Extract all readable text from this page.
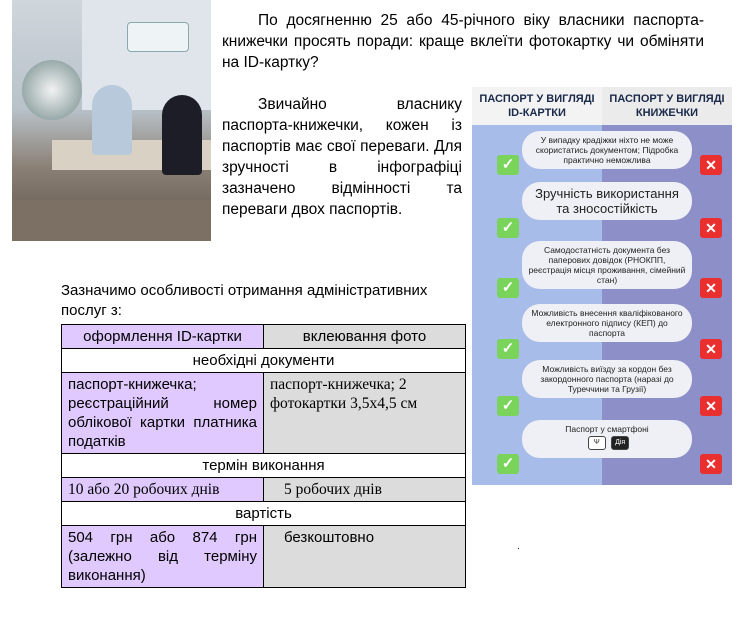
По досягненню 25 або 45-річного віку власники паспорта-книжечки просять поради: краще вклеїти фотокартку чи обміняти на ID-картку?
Звичайно власнику паспорта-книжечки, кожен із паспортів має свої переваги. Для зручності в інфографіці зазначено відмінності та переваги двох паспортів.
Зазначимо особливості отримання адміністративних послуг з:
оформлення ID-картки	вклеювання фото
необхідні документи	
паспорт-книжечка; реєстраційний номер облікової картки платника податків	паспорт-книжечка; 2 фотокартки 3,5х4,5 см
термін виконання	
10 або 20 робочих днів	5 робочих днів
вартість	
504 грн або 874 грн (залежно від терміну виконання)	безкоштовно
ПАСПОРТ У ВИГЛЯДІ ID-КАРТКИ
ПАСПОРТ У ВИГЛЯДІ КНИЖЕЧКИ
У випадку крадіжки ніхто не може скористатись документом; Підробка практично неможлива
✓	✕
Зручність використання та зносостійкість
✓	✕
Самодостатність документа без паперових довідок (РНОКПП, реєстрація місця проживання, сімейний стан)
✓	✕
Можливість внесення кваліфікованого електронного підпису (КЕП) до паспорта
✓	✕
Можливість виїзду за кордон без закордонного паспорта (наразі до Туреччини та Грузії)
✓	✕
Паспорт у смартфоні
Ψ Дія
✓	✕
.
